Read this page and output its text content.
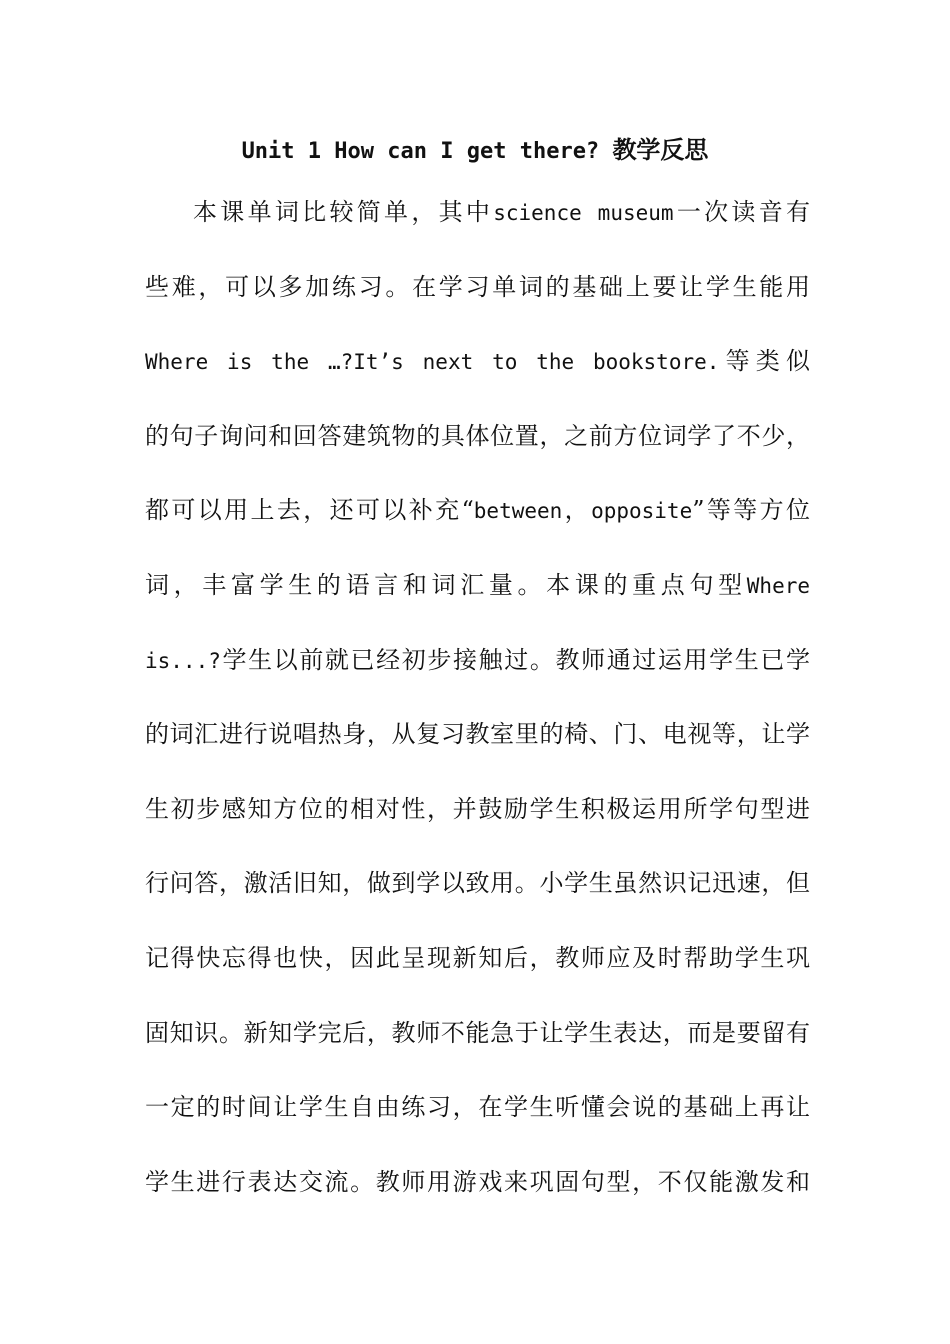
Unit 1 How can I get there? 教学反思
本课单词比较简单，其中science museum一次读音有
些难，可以多加练习。在学习单词的基础上要让学生能用
Where is the …?It’s next to the bookstore.等类似
的句子询问和回答建筑物的具体位置，之前方位词学了不少，
都可以用上去，还可以补充“between，opposite”等等方位
词，丰富学生的语言和词汇量。本课的重点句型Where
is...?学生以前就已经初步接触过。教师通过运用学生已学
的词汇进行说唱热身，从复习教室里的椅、门、电视等，让学
生初步感知方位的相对性，并鼓励学生积极运用所学句型进
行问答，激活旧知，做到学以致用。小学生虽然识记迅速，但
记得快忘得也快，因此呈现新知后，教师应及时帮助学生巩
固知识。新知学完后，教师不能急于让学生表达，而是要留有
一定的时间让学生自由练习，在学生听懂会说的基础上再让
学生进行表达交流。教师用游戏来巩固句型，不仅能激发和
